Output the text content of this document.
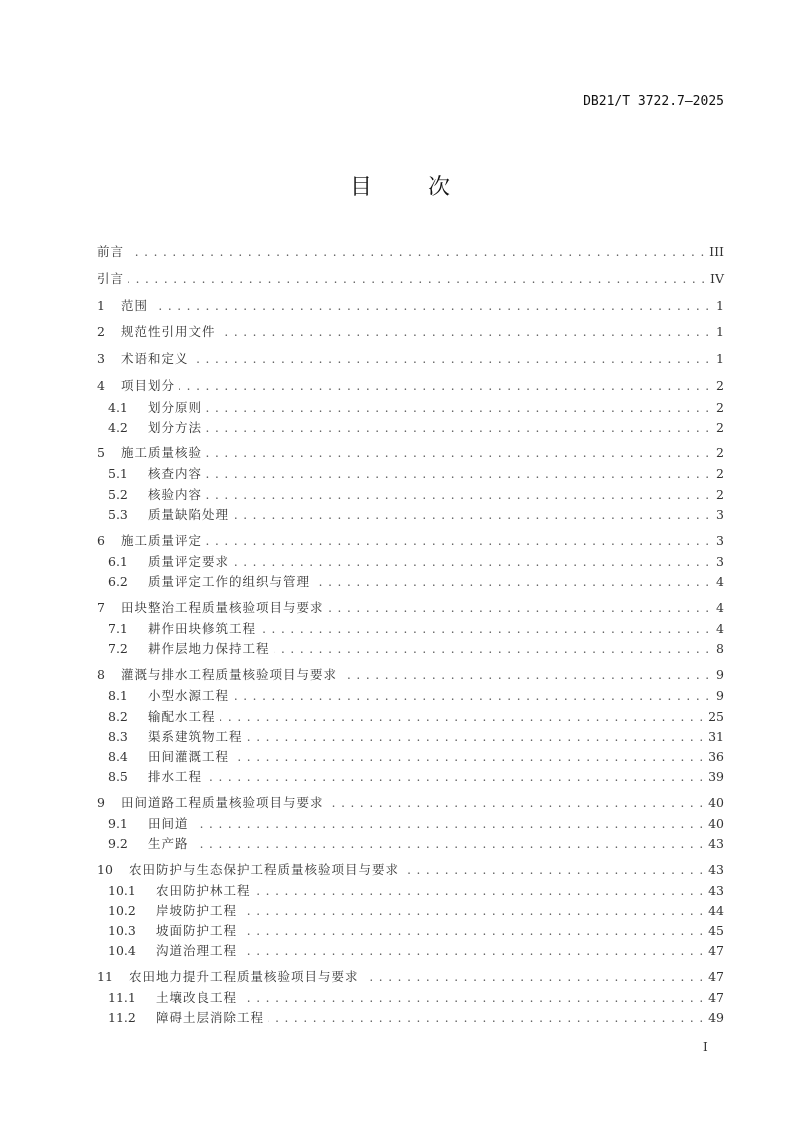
DB21/T 3722.7—2025
目	次
前言 . . .	III
引言 . . .	IV
1	范围 . . .	1
2	规范性引用文件 . . .	1
3	术语和定义 . . .	1
4	项目划分 . . .	2
4.1	划分原则 . . .	2
4.2	划分方法 . . .	2
5	施工质量核验 . . .	2
5.1	核查内容 . . .	2
5.2	核验内容 . . .	2
5.3	质量缺陷处理 . . .	3
6	施工质量评定 . . .	3
6.1	质量评定要求 . . .	3
6.2	质量评定工作的组织与管理 . . .	4
7	田块整治工程质量核验项目与要求 . . .	4
7.1	耕作田块修筑工程 . . .	4
7.2	耕作层地力保持工程 . . .	8
8	灌溉与排水工程质量核验项目与要求 . . .	9
8.1	小型水源工程 . . .	9
8.2	输配水工程 . . .	25
8.3	渠系建筑物工程 . . .	31
8.4	田间灌溉工程 . . .	36
8.5	排水工程 . . .	39
9	田间道路工程质量核验项目与要求 . . .	40
9.1	田间道 . . .	40
9.2	生产路 . . .	43
10	农田防护与生态保护工程质量核验项目与要求 . . .	43
10.1	农田防护林工程 . . .	43
10.2	岸坡防护工程 . . .	44
10.3	坡面防护工程 . . .	45
10.4	沟道治理工程 . . .	47
11	农田地力提升工程质量核验项目与要求 . . .	47
11.1	土壤改良工程 . . .	47
11.2	障碍土层消除工程 . . .	49
I
